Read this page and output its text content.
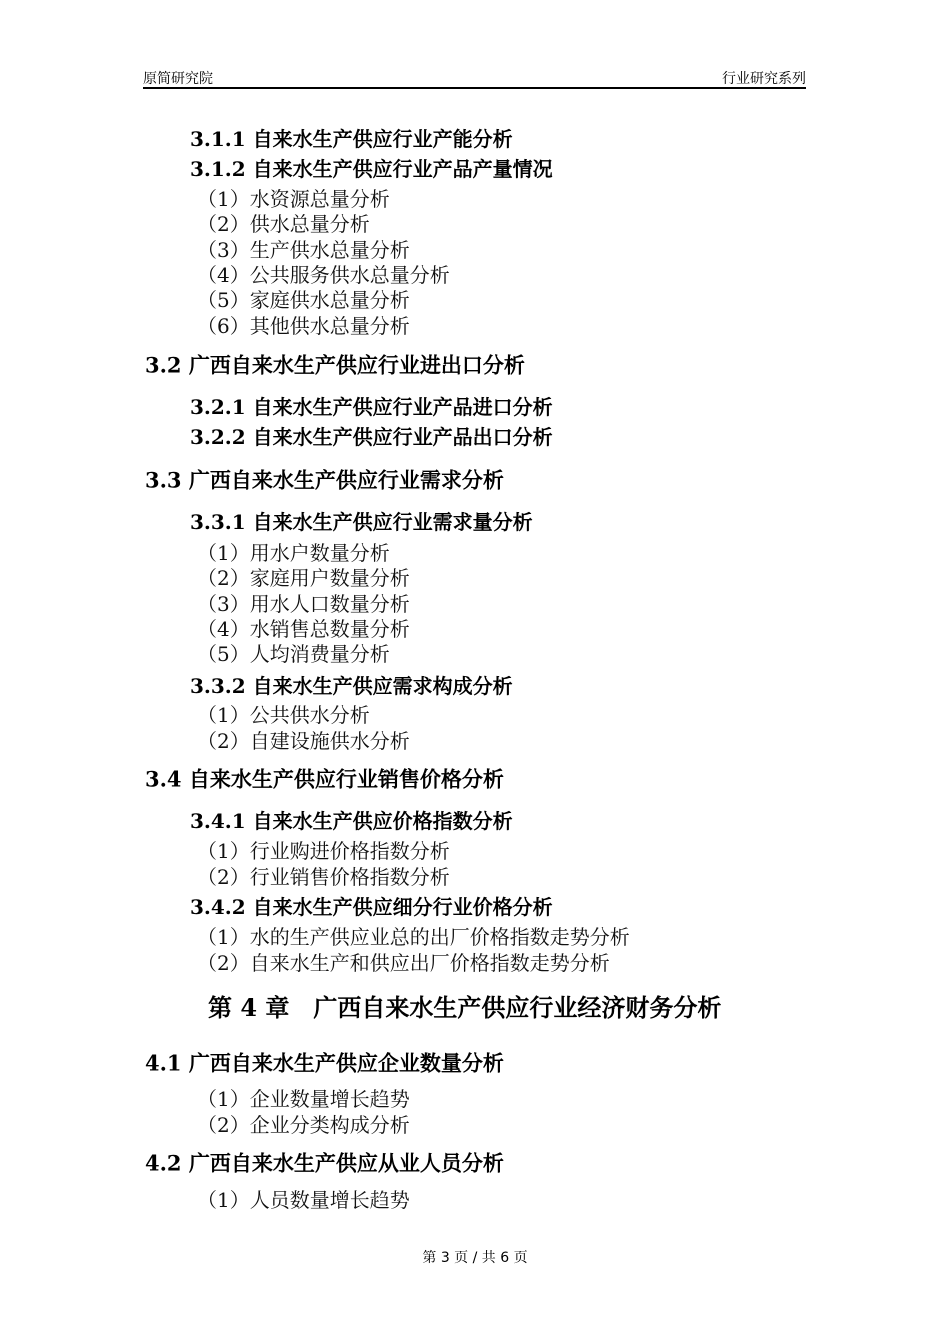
原简研究院	行业研究系列
3.1.1 自来水生产供应行业产能分析
3.1.2 自来水生产供应行业产品产量情况
（1）水资源总量分析
（2）供水总量分析
（3）生产供水总量分析
（4）公共服务供水总量分析
（5）家庭供水总量分析
（6）其他供水总量分析
3.2 广西自来水生产供应行业进出口分析
3.2.1 自来水生产供应行业产品进口分析
3.2.2 自来水生产供应行业产品出口分析
3.3 广西自来水生产供应行业需求分析
3.3.1 自来水生产供应行业需求量分析
（1）用水户数量分析
（2）家庭用户数量分析
（3）用水人口数量分析
（4）水销售总数量分析
（5）人均消费量分析
3.3.2 自来水生产供应需求构成分析
（1）公共供水分析
（2）自建设施供水分析
3.4 自来水生产供应行业销售价格分析
3.4.1 自来水生产供应价格指数分析
（1）行业购进价格指数分析
（2）行业销售价格指数分析
3.4.2 自来水生产供应细分行业价格分析
（1）水的生产供应业总的出厂价格指数走势分析
（2）自来水生产和供应出厂价格指数走势分析
第 4 章　广西自来水生产供应行业经济财务分析
4.1 广西自来水生产供应企业数量分析
（1）企业数量增长趋势
（2）企业分类构成分析
4.2 广西自来水生产供应从业人员分析
（1）人员数量增长趋势
第 3 页 / 共 6 页
